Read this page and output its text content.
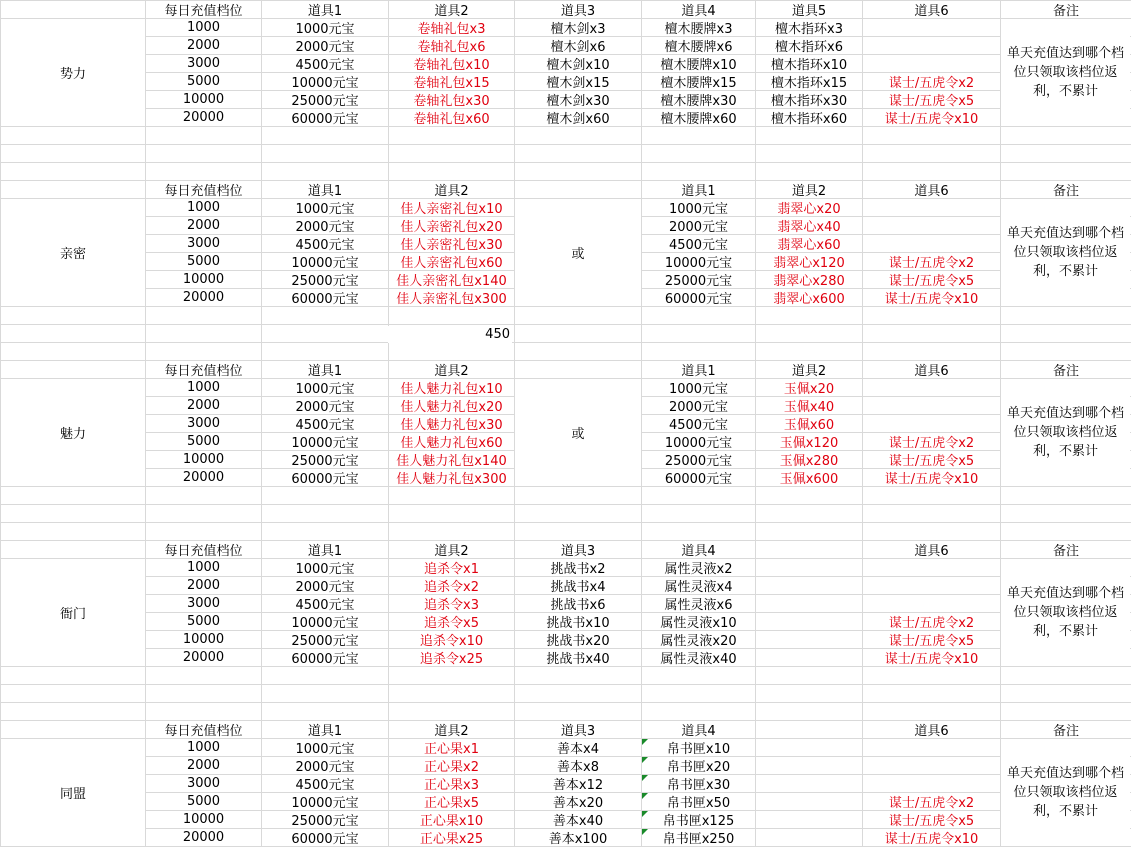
势力
每日充值档位	道具1	道具2	道具3	道具4	道具5	道具6	备注
1000	1000元宝	卷轴礼包x3	檀木剑x3	檀木腰牌x3	檀木指环x3
2000	2000元宝	卷轴礼包x6	檀木剑x6	檀木腰牌x6	檀木指环x6
3000	4500元宝	卷轴礼包x10	檀木剑x10	檀木腰牌x10	檀木指环x10
5000	10000元宝	卷轴礼包x15	檀木剑x15	檀木腰牌x15	檀木指环x15	谋士/五虎令x2
10000	25000元宝	卷轴礼包x30	檀木剑x30	檀木腰牌x30	檀木指环x30	谋士/五虎令x5
20000	60000元宝	卷轴礼包x60	檀木剑x60	檀木腰牌x60	檀木指环x60	谋士/五虎令x10
单天充值达到哪个档位只领取该档位返利，不累计
亲密
每日充值档位	道具1	道具2	道具1	道具2	道具6	备注
1000	1000元宝	佳人亲密礼包x10	1000元宝	翡翠心x20
2000	2000元宝	佳人亲密礼包x20	2000元宝	翡翠心x40
3000	4500元宝	佳人亲密礼包x30	4500元宝	翡翠心x60
5000	10000元宝	佳人亲密礼包x60	10000元宝	翡翠心x120	谋士/五虎令x2
10000	25000元宝	佳人亲密礼包x140	25000元宝	翡翠心x280	谋士/五虎令x5
20000	60000元宝	佳人亲密礼包x300	60000元宝	翡翠心x600	谋士/五虎令x10
或
单天充值达到哪个档位只领取该档位返利，不累计
魅力
每日充值档位	道具1	道具2	道具1	道具2	道具6	备注
1000	1000元宝	佳人魅力礼包x10	1000元宝	玉佩x20
2000	2000元宝	佳人魅力礼包x20	2000元宝	玉佩x40
3000	4500元宝	佳人魅力礼包x30	4500元宝	玉佩x60
5000	10000元宝	佳人魅力礼包x60	10000元宝	玉佩x120	谋士/五虎令x2
10000	25000元宝	佳人魅力礼包x140	25000元宝	玉佩x280	谋士/五虎令x5
20000	60000元宝	佳人魅力礼包x300	60000元宝	玉佩x600	谋士/五虎令x10
或
单天充值达到哪个档位只领取该档位返利，不累计
衙门
每日充值档位	道具1	道具2	道具3	道具4	道具6	备注
1000	1000元宝	追杀令x1	挑战书x2	属性灵液x2
2000	2000元宝	追杀令x2	挑战书x4	属性灵液x4
3000	4500元宝	追杀令x3	挑战书x6	属性灵液x6
5000	10000元宝	追杀令x5	挑战书x10	属性灵液x10	谋士/五虎令x2
10000	25000元宝	追杀令x10	挑战书x20	属性灵液x20	谋士/五虎令x5
20000	60000元宝	追杀令x25	挑战书x40	属性灵液x40	谋士/五虎令x10
单天充值达到哪个档位只领取该档位返利，不累计
同盟
每日充值档位	道具1	道具2	道具3	道具4	道具6	备注
1000	1000元宝	正心果x1	善本x4	帛书匣x10
2000	2000元宝	正心果x2	善本x8	帛书匣x20
3000	4500元宝	正心果x3	善本x12	帛书匣x30
5000	10000元宝	正心果x5	善本x20	帛书匣x50	谋士/五虎令x2
10000	25000元宝	正心果x10	善本x40	帛书匣x125	谋士/五虎令x5
20000	60000元宝	正心果x25	善本x100	帛书匣x250	谋士/五虎令x10
单天充值达到哪个档位只领取该档位返利，不累计
450
